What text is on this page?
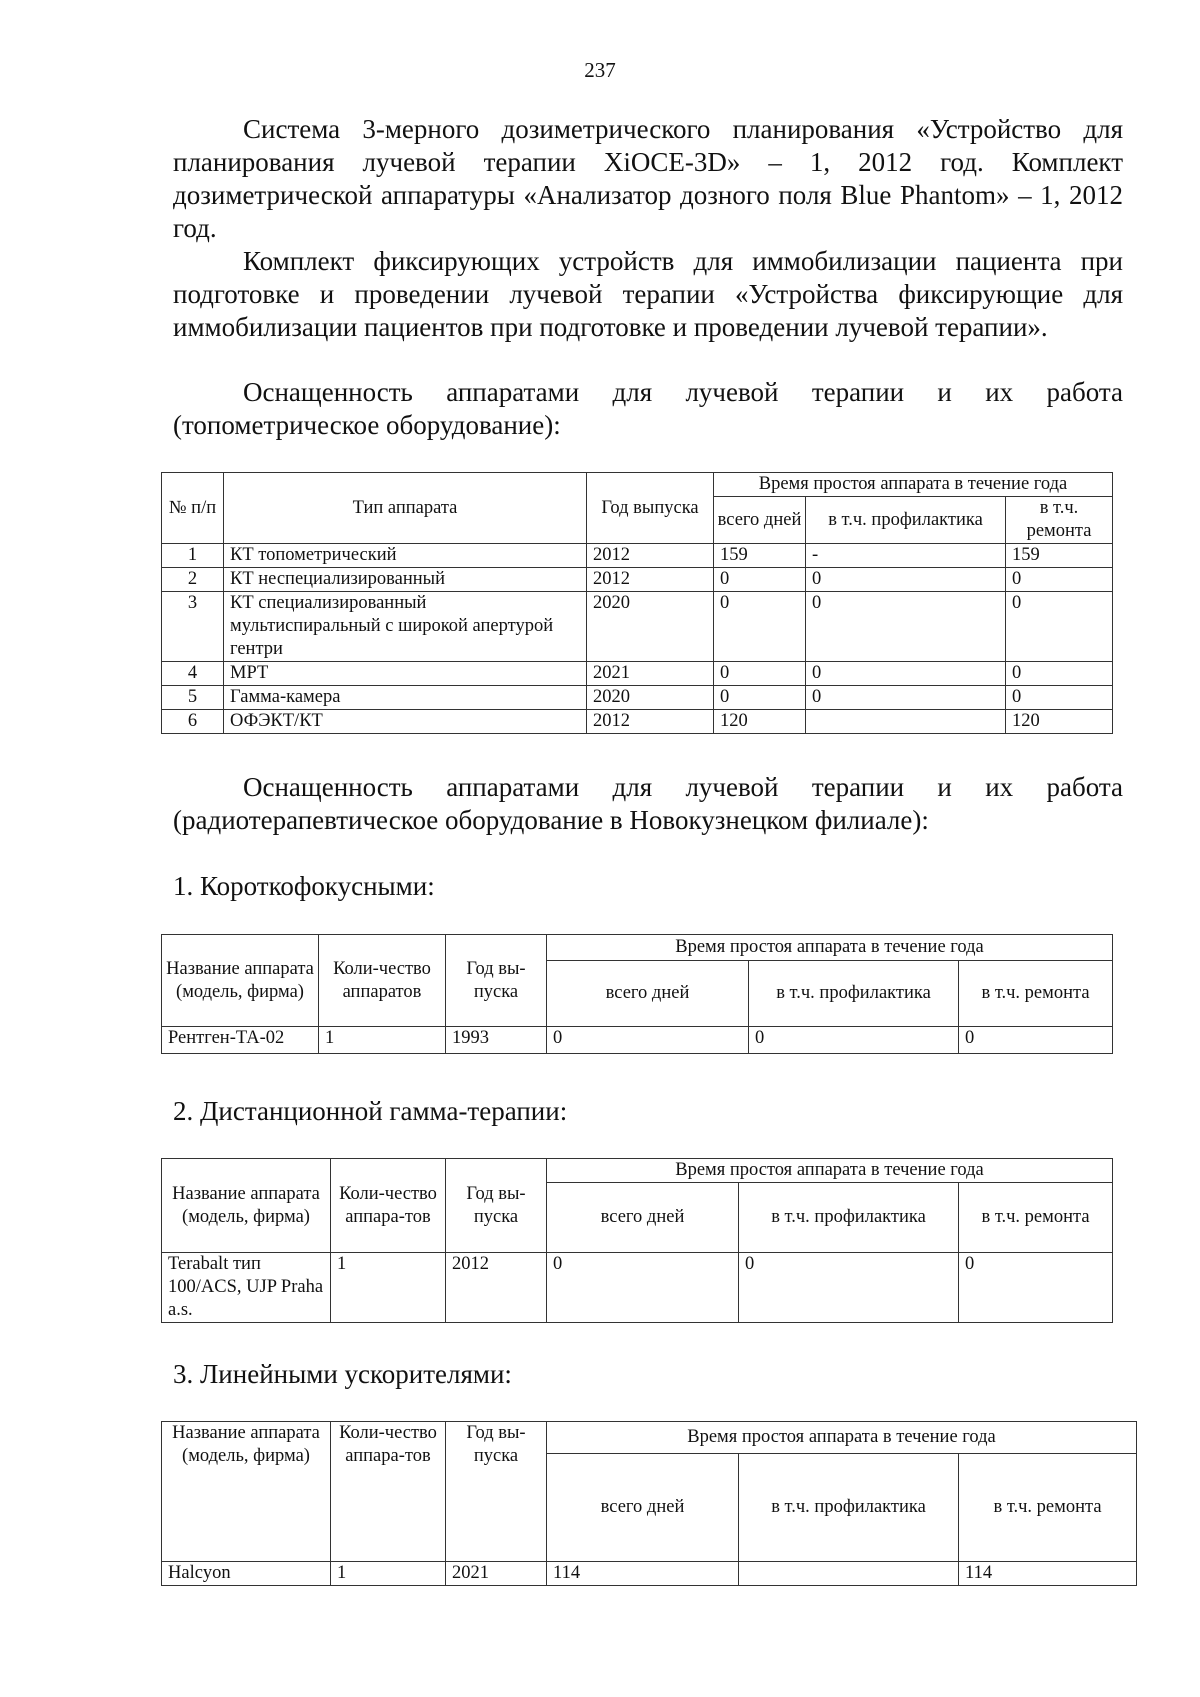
237

Система 3-мерного дозиметрического планирования «Устройство для планирования лучевой терапии XiOCE-3D» – 1, 2012 год. Комплект дозиметрической аппаратуры «Анализатор дозного поля Blue Phantom» – 1, 2012 год.

Комплект фиксирующих устройств для иммобилизации пациента при подготовке и проведении лучевой терапии «Устройства фиксирующие для иммобилизации пациентов при подготовке и проведении лучевой терапии».

Оснащенность аппаратами для лучевой терапии и их работа (топометрическое оборудование):

№ п/п	Тип аппарата	Год выпуска	Время простоя аппарата в течение года		
			всего дней	в т.ч. профилактика	в т.ч. ремонта
1	КТ топометрический	2012	159	-	159
2	КТ неспециализированный	2012	0	0	0
3	КТ специализированный мультиспиральный с широкой апертурой гентри	2020	0	0	0
4	МРТ	2021	0	0	0
5	Гамма-камера	2020	0	0	0
6	ОФЭКТ/КТ	2012	120		120

Оснащенность аппаратами для лучевой терапии и их работа (радиотерапевтическое оборудование в Новокузнецком филиале):

1. Короткофокусными:
Название аппарата (модель, фирма)	Коли-чество аппаратов	Год вы-пуска	Время простоя аппарата в течение года		
			всего дней	в т.ч. профилактика	в т.ч. ремонта
Рентген-ТА-02	1	1993	0	0	0
2. Дистанционной гамма-терапии:
Название аппарата (модель, фирма)	Коли-чество аппара-тов	Год вы-пуска	Время простоя аппарата в течение года		
			всего дней	в т.ч. профилактика	в т.ч. ремонта
Terabalt тип 100/ACS, UJP Praha a.s.	1	2012	0	0	0
3. Линейными ускорителями:
Название аппарата (модель, фирма)	Коли-чество аппара-тов	Год вы-пуска	Время простоя аппарата в течение года		
			всего дней	в т.ч. профилактика	в т.ч. ремонта
Halcyon	1	2021	114		114
